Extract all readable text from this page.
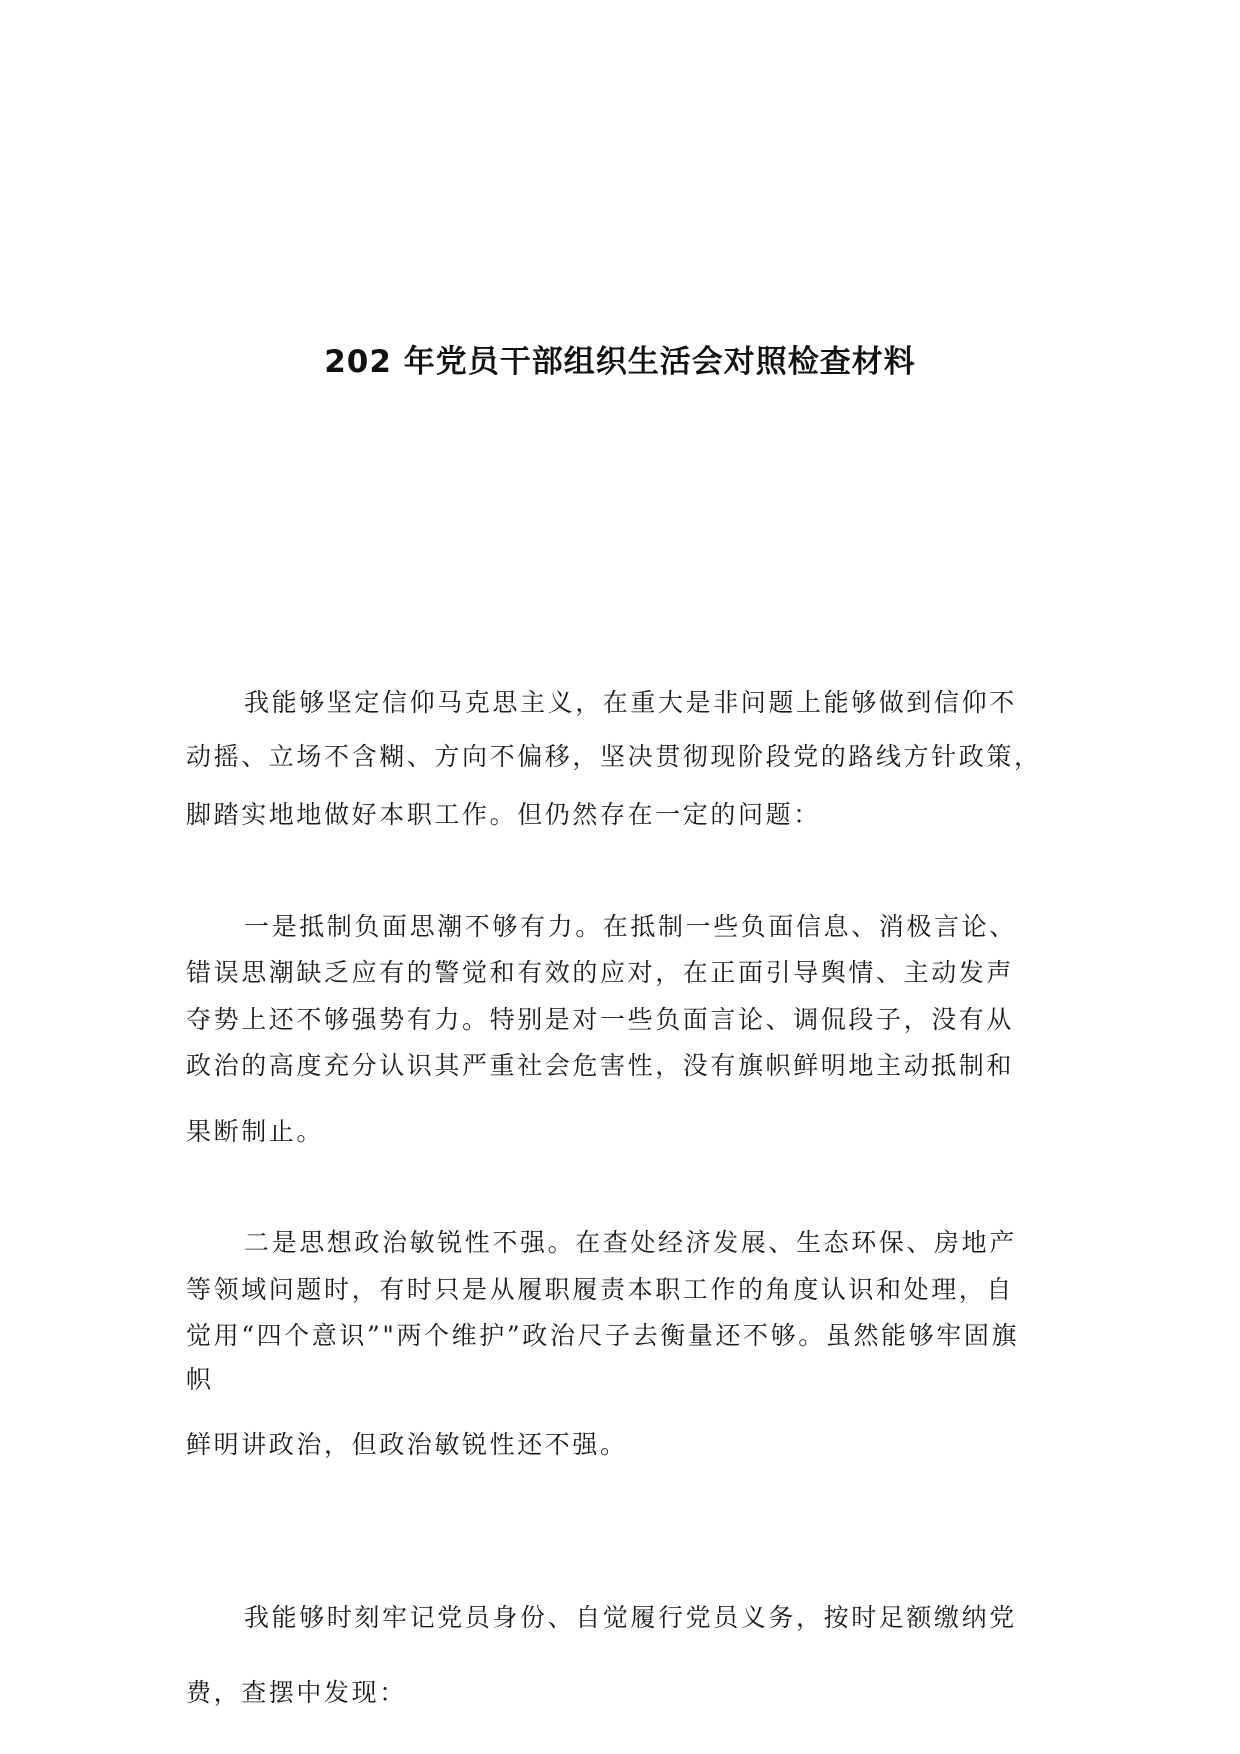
202 年党员干部组织生活会对照检查材料
我能够坚定信仰马克思主义，在重大是非问题上能够做到信仰不
动摇、立场不含糊、方向不偏移，坚决贯彻现阶段党的路线方针政策，
脚踏实地地做好本职工作。但仍然存在一定的问题：
一是抵制负面思潮不够有力。在抵制一些负面信息、消极言论、
错误思潮缺乏应有的警觉和有效的应对，在正面引导舆情、主动发声
夺势上还不够强势有力。特别是对一些负面言论、调侃段子，没有从
政治的高度充分认识其严重社会危害性，没有旗帜鲜明地主动抵制和
果断制止。
二是思想政治敏锐性不强。在查处经济发展、生态环保、房地产
等领域问题时，有时只是从履职履责本职工作的角度认识和处理，自
觉用“四个意识”"两个维护”政治尺子去衡量还不够。虽然能够牢固旗
帜
鲜明讲政治，但政治敏锐性还不强。
我能够时刻牢记党员身份、自觉履行党员义务，按时足额缴纳党
费，查摆中发现：
